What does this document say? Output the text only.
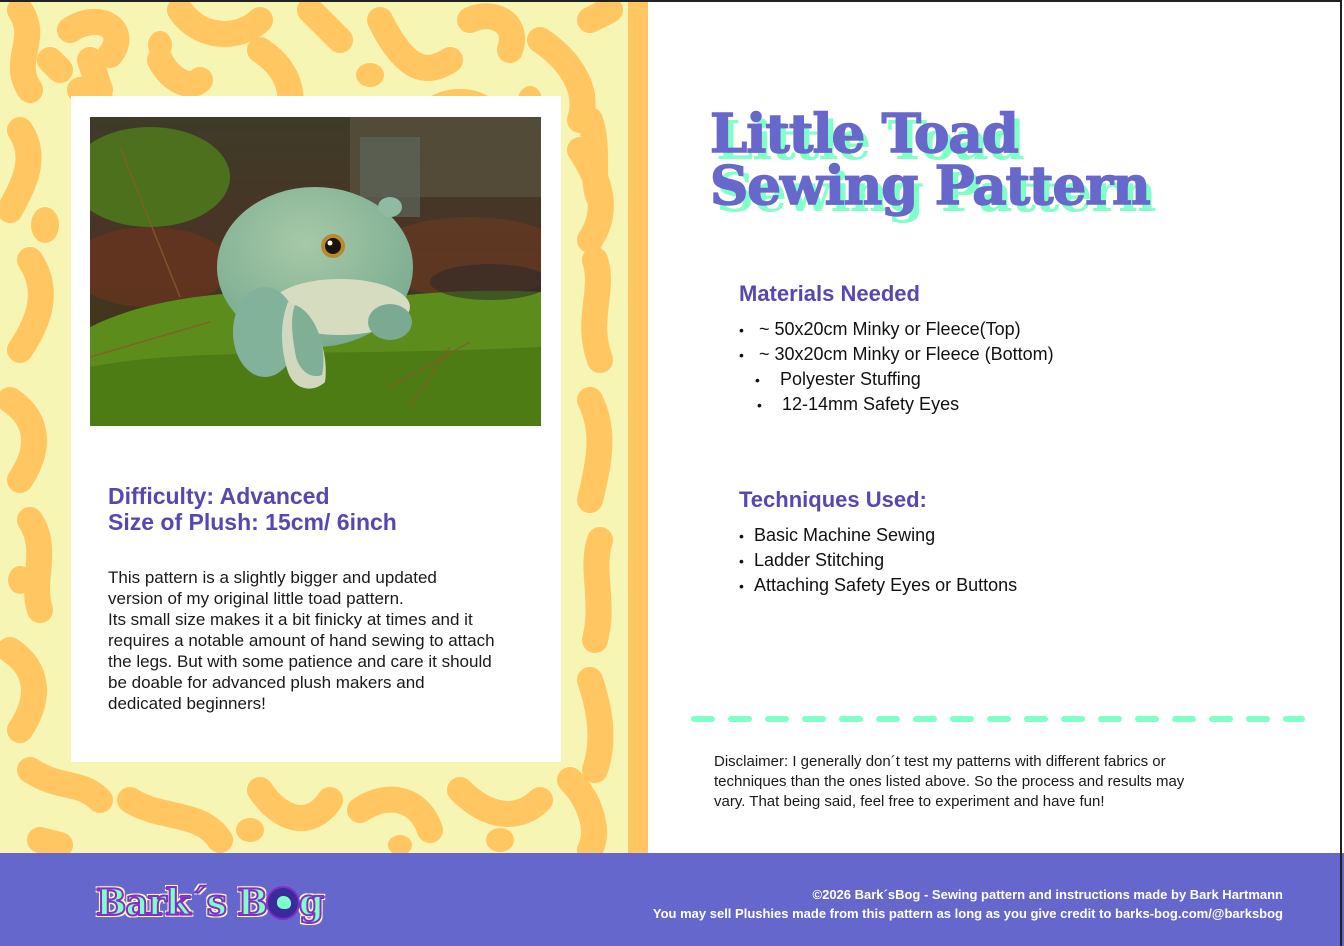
Difficulty: Advanced

Size of Plush: 15cm/ 6inch

This pattern is a slightly bigger and updated
version of my original little toad pattern.
Its small size makes it a bit finicky at times and it
requires a notable amount of hand sewing to attach
the legs. But with some patience and care it should
be doable for advanced plush makers and
dedicated beginners!

Little Toad
Sewing Pattern
Materials Needed
• ~ 50x20cm Minky or Fleece(Top)
• ~ 30x20cm Minky or Fleece (Bottom)
• Polyester Stuffing
• 12-14mm Safety Eyes
Techniques Used:
• Basic Machine Sewing
• Ladder Stitching
• Attaching Safety Eyes or Buttons

Disclaimer: I generally don´t test my patterns with different fabrics or
techniques than the ones listed above. So the process and results may
vary. That being said, feel free to experiment and have fun!

Bark´s B g	©2026 Bark´sBog - Sewing pattern and instructions made by Bark Hartmann
You may sell Plushies made from this pattern as long as you give credit to barks-bog.com/@barksbog
